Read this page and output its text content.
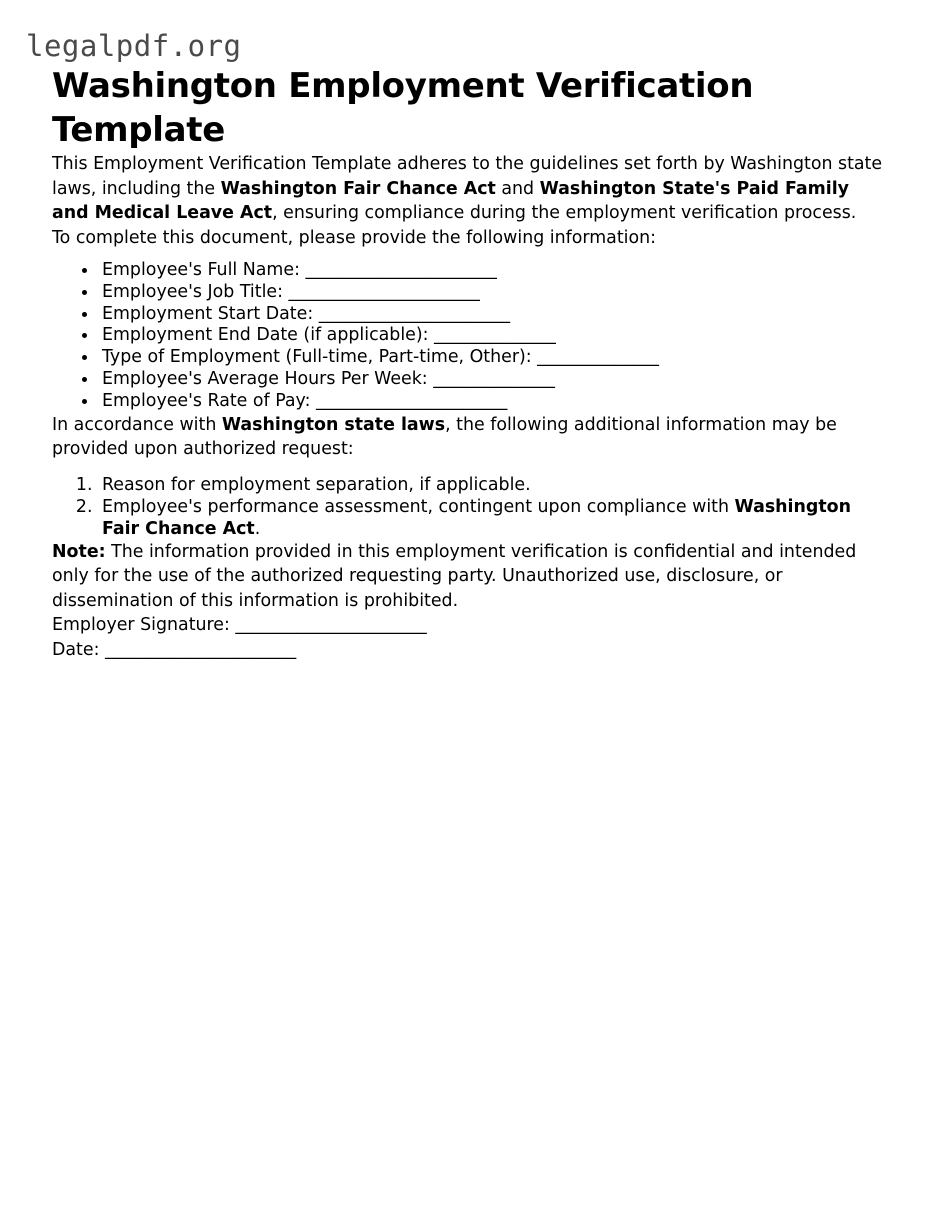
legalpdf.org
Washington Employment Verification Template

This Employment Verification Template adheres to the guidelines set forth by Washington state laws, including the Washington Fair Chance Act and Washington State's Paid Family and Medical Leave Act, ensuring compliance during the employment verification process.

To complete this document, please provide the following information:

• Employee's Full Name: ______________________
• Employee's Job Title: ______________________
• Employment Start Date: ______________________
• Employment End Date (if applicable): ______________
• Type of Employment (Full-time, Part-time, Other): ______________
• Employee's Average Hours Per Week: ______________
• Employee's Rate of Pay: ______________________

In accordance with Washington state laws, the following additional information may be provided upon authorized request:

1. Reason for employment separation, if applicable.
2. Employee's performance assessment, contingent upon compliance with Washington Fair Chance Act.

Note: The information provided in this employment verification is confidential and intended only for the use of the authorized requesting party. Unauthorized use, disclosure, or dissemination of this information is prohibited.

Employer Signature: ______________________

Date: ______________________
